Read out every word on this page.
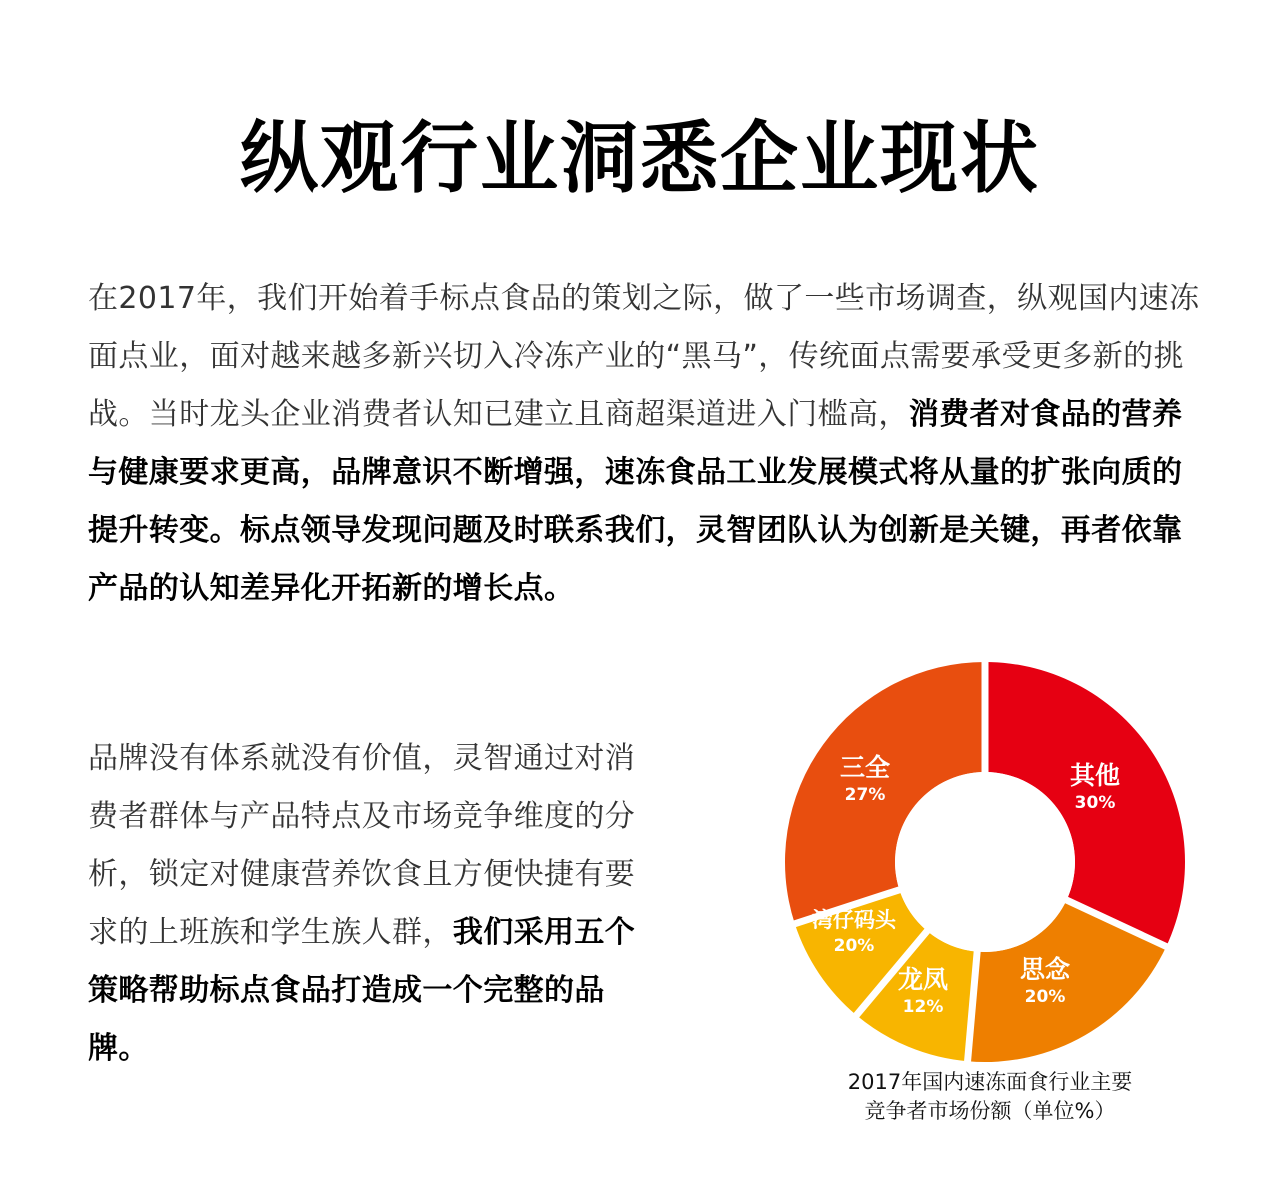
纵观行业洞悉企业现状
在2017年，我们开始着手标点食品的策划之际，做了一些市场调查，纵观国内速冻面点业，面对越来越多新兴切入冷冻产业的“黑马”，传统面点需要承受更多新的挑战。当时龙头企业消费者认知已建立且商超渠道进入门槛高，消费者对食品的营养与健康要求更高，品牌意识不断增强，速冻食品工业发展模式将从量的扩张向质的提升转变。标点领导发现问题及时联系我们，灵智团队认为创新是关键，再者依靠产品的认知差异化开拓新的增长点。
品牌没有体系就没有价值，灵智通过对消费者群体与产品特点及市场竞争维度的分析，锁定对健康营养饮食且方便快捷有要求的上班族和学生族人群，我们采用五个策略帮助标点食品打造成一个完整的品牌。
其他
30%
思念
20%
龙凤
12%
湾仔码头
20%
三全
27%
2017年国内速冻面食行业主要
竞争者市场份额（单位%）
